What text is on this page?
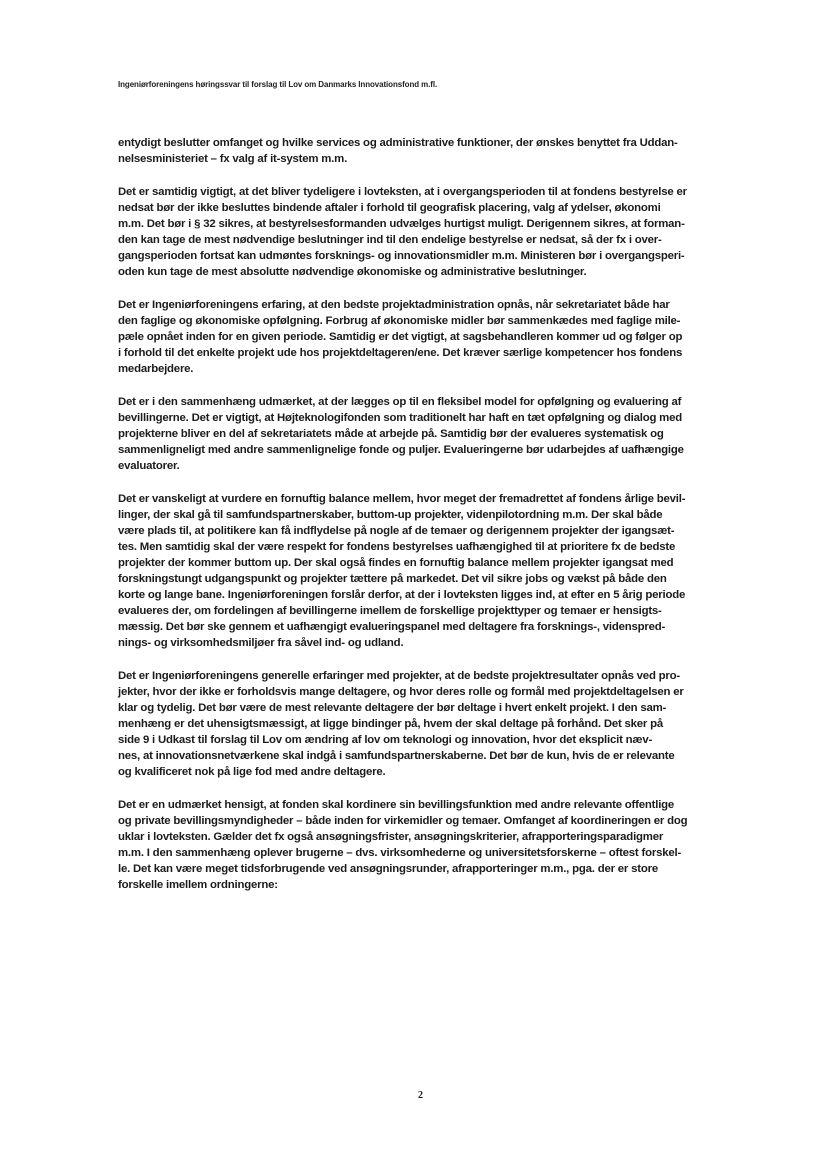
Ingeniørforeningens høringssvar til forslag til Lov om Danmarks Innovationsfond m.fl.
entydigt beslutter omfanget og hvilke services og administrative funktioner, der ønskes benyttet fra Uddan-
nelsesministeriet – fx valg af it-system m.m.
Det er samtidig vigtigt, at det bliver tydeligere i lovteksten, at i overgangsperioden til at fondens bestyrelse er
nedsat bør der ikke besluttes bindende aftaler i forhold til geografisk placering, valg af ydelser, økonomi
m.m. Det bør i § 32 sikres, at bestyrelsesformanden udvælges hurtigst muligt. Derigennem sikres, at forman-
den kan tage de mest nødvendige beslutninger ind til den endelige bestyrelse er nedsat, så der fx i over-
gangsperioden fortsat kan udmøntes forsknings- og innovationsmidler m.m. Ministeren bør i overgangsperi-
oden kun tage de mest absolutte nødvendige økonomiske og administrative beslutninger.
Det er Ingeniørforeningens erfaring, at den bedste projektadministration opnås, når sekretariatet både har
den faglige og økonomiske opfølgning. Forbrug af økonomiske midler bør sammenkædes med faglige mile-
pæle opnået inden for en given periode. Samtidig er det vigtigt, at sagsbehandleren kommer ud og følger op
i forhold til det enkelte projekt ude hos projektdeltageren/ene. Det kræver særlige kompetencer hos fondens
medarbejdere.
Det er i den sammenhæng udmærket, at der lægges op til en fleksibel model for opfølgning og evaluering af
bevillingerne. Det er vigtigt, at Højteknologifonden som traditionelt har haft en tæt opfølgning og dialog med
projekterne bliver en del af sekretariatets måde at arbejde på. Samtidig bør der evalueres systematisk og
sammenligneligt med andre sammenlignelige fonde og puljer. Evalueringerne bør udarbejdes af uafhængige
evaluatorer.
Det er vanskeligt at vurdere en fornuftig balance mellem, hvor meget der fremadrettet af fondens årlige bevil-
linger, der skal gå til samfundspartnerskaber, buttom-up projekter, videnpilotordning m.m. Der skal både
være plads til, at politikere kan få indflydelse på nogle af de temaer og derigennem projekter der igangsæt-
tes. Men samtidig skal der være respekt for fondens bestyrelses uafhængighed til at prioritere fx de bedste
projekter der kommer buttom up. Der skal også findes en fornuftig balance mellem projekter igangsat med
forskningstungt udgangspunkt og projekter tættere på markedet. Det vil sikre jobs og vækst på både den
korte og lange bane. Ingeniørforeningen forslår derfor, at der i lovteksten ligges ind, at efter en 5 årig periode
evalueres der, om fordelingen af bevillingerne imellem de forskellige projekttyper og temaer er hensigts-
mæssig. Det bør ske gennem et uafhængigt evalueringspanel med deltagere fra forsknings-, videnspred-
nings- og virksomhedsmiljøer fra såvel ind- og udland.
Det er Ingeniørforeningens generelle erfaringer med projekter, at de bedste projektresultater opnås ved pro-
jekter, hvor der ikke er forholdsvis mange deltagere, og hvor deres rolle og formål med projektdeltagelsen er
klar og tydelig. Det bør være de mest relevante deltagere der bør deltage i hvert enkelt projekt. I den sam-
menhæng er det uhensigtsmæssigt, at ligge bindinger på, hvem der skal deltage på forhånd. Det sker på
side 9 i Udkast til forslag til Lov om ændring af lov om teknologi og innovation, hvor det eksplicit næv-
nes, at innovationsnetværkene skal indgå i samfundspartnerskaberne. Det bør de kun, hvis de er relevante
og kvalificeret nok på lige fod med andre deltagere.
Det er en udmærket hensigt, at fonden skal kordinere sin bevillingsfunktion med andre relevante offentlige
og private bevillingsmyndigheder – både inden for virkemidler og temaer. Omfanget af koordineringen er dog
uklar i lovteksten. Gælder det fx også ansøgningsfrister, ansøgningskriterier, afrapporteringsparadigmer
m.m. I den sammenhæng oplever brugerne – dvs. virksomhederne og universitetsforskerne – oftest forskel-
le. Det kan være meget tidsforbrugende ved ansøgningsrunder, afrapporteringer m.m., pga. der er store
forskelle imellem ordningerne:
2
